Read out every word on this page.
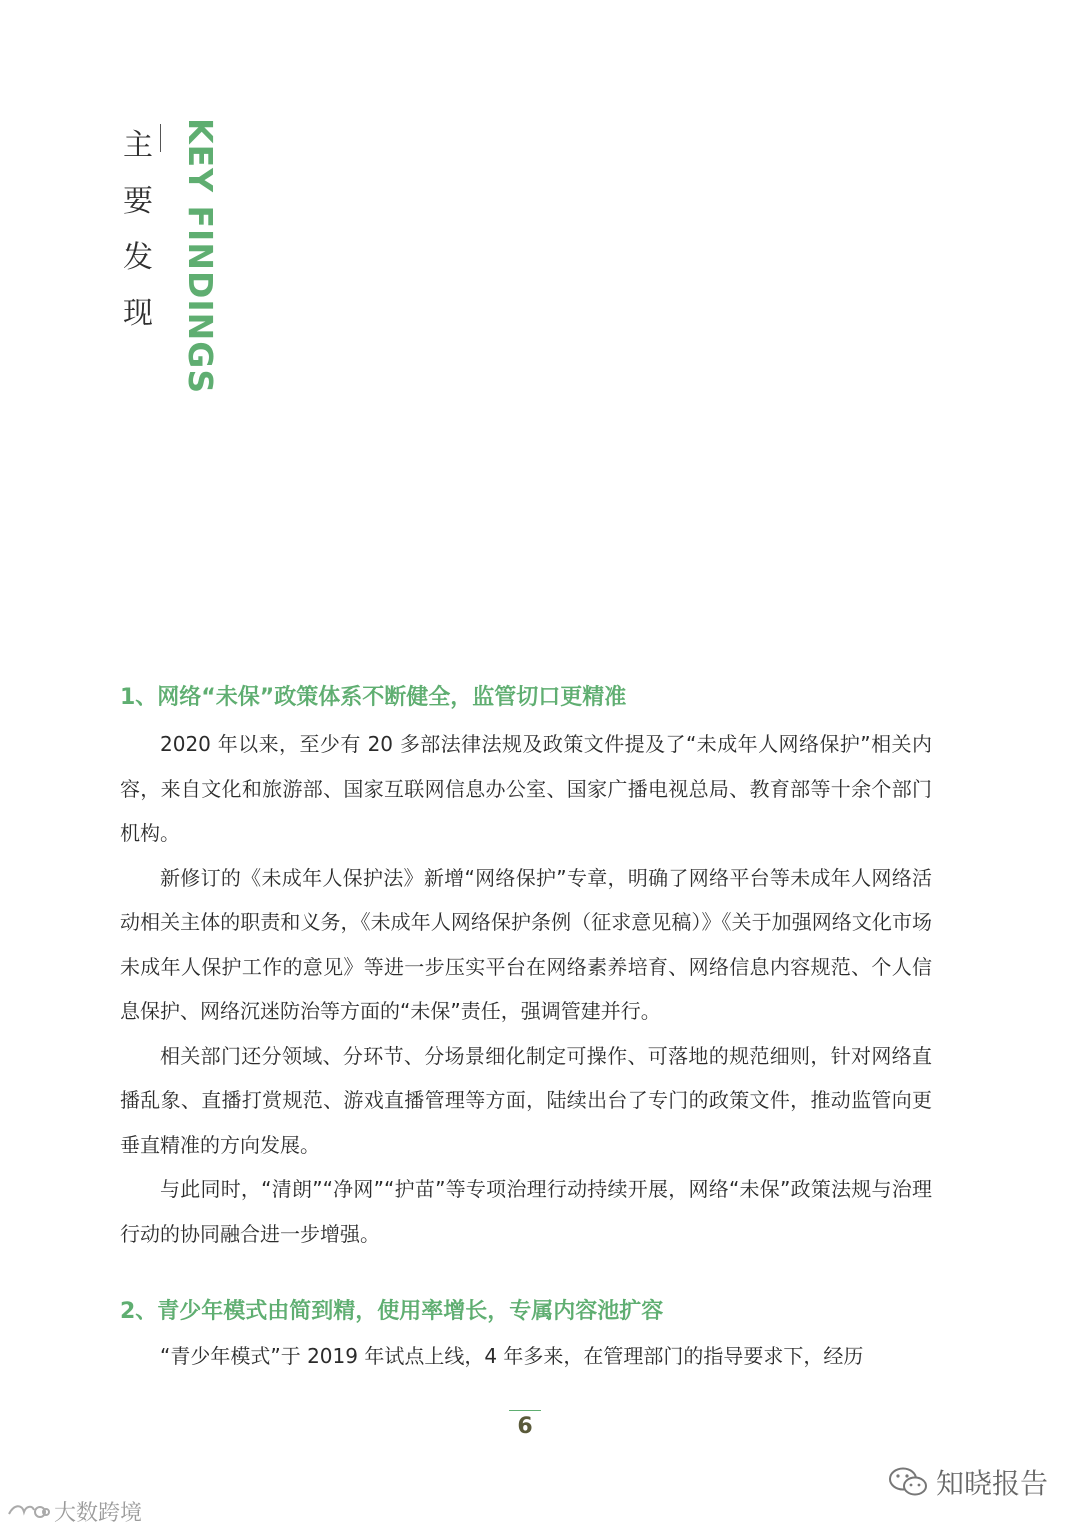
主
要
发
现 KEY FINDINGS
1、网络“未保”政策体系不断健全，监管切口更精准

2020 年以来，至少有 20 多部法律法规及政策文件提及了“未成年人网络保护”相关内容，来自文化和旅游部、国家互联网信息办公室、国家广播电视总局、教育部等十余个部门机构。

新修订的《未成年人保护法》新增“网络保护”专章，明确了网络平台等未成年人网络活动相关主体的职责和义务，《未成年人网络保护条例（征求意见稿）》《关于加强网络文化市场未成年人保护工作的意见》等进一步压实平台在网络素养培育、网络信息内容规范、个人信息保护、网络沉迷防治等方面的“未保”责任，强调管建并行。

相关部门还分领域、分环节、分场景细化制定可操作、可落地的规范细则，针对网络直播乱象、直播打赏规范、游戏直播管理等方面，陆续出台了专门的政策文件，推动监管向更垂直精准的方向发展。

与此同时，“清朗”“净网”“护苗”等专项治理行动持续开展，网络“未保”政策法规与治理行动的协同融合进一步增强。

2、青少年模式由简到精，使用率增长，专属内容池扩容

“青少年模式”于 2019 年试点上线，4 年多来，在管理部门的指导要求下，经历

6
知晓报告
大数跨境
